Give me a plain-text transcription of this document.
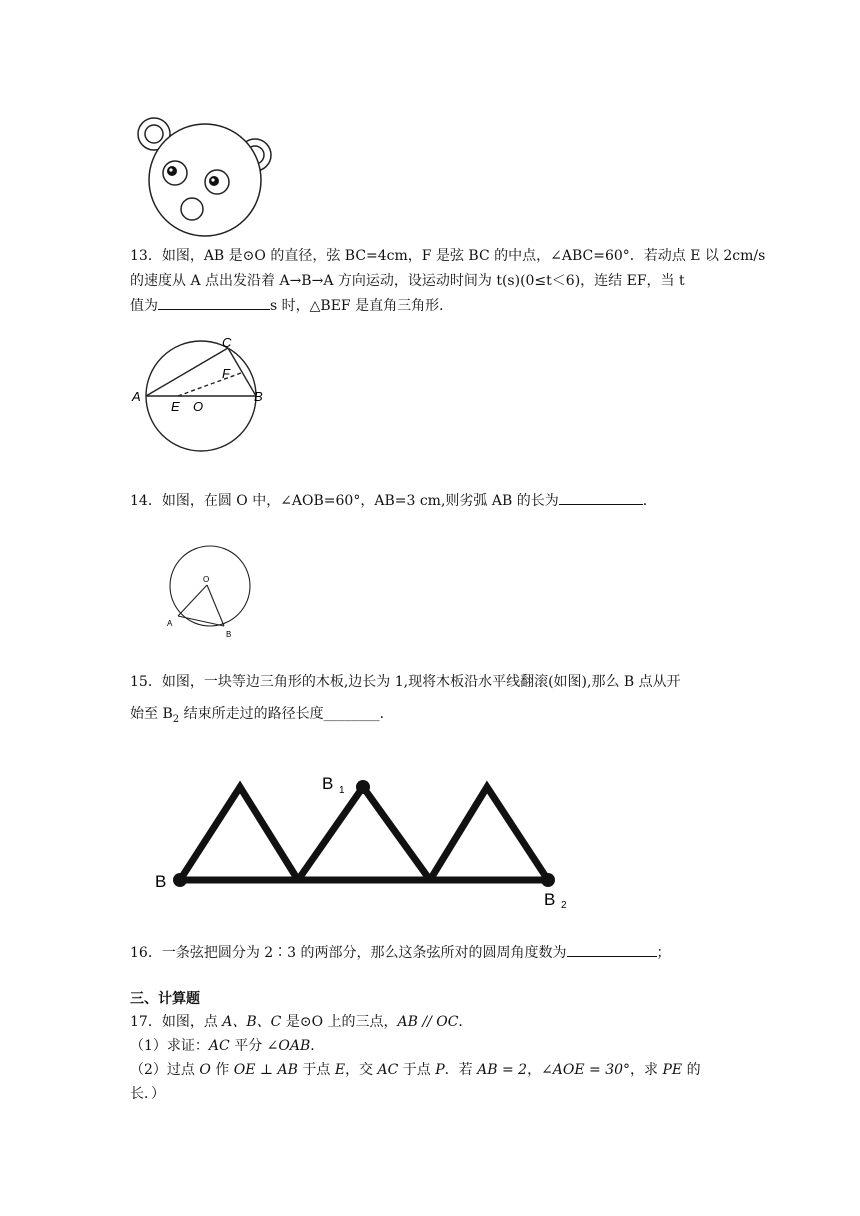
13．如图，AB 是⊙O 的直径，弦 BC=4cm，F 是弦 BC 的中点，∠ABC=60°．若动点 E 以 2cm/s
的速度从 A 点出发沿着 A→B→A 方向运动，设运动时间为 t(s)(0≤t＜6)，连结 EF，当 t
值为	s 时，△BEF 是直角三角形．
A	B
C
F
E O
14．如图，在圆 O 中，∠AOB=60°，AB=3 cm,则劣弧 AB 的长为	．
O
A
B
15．如图，一块等边三角形的木板,边长为 1,现将木板沿水平线翻滚(如图),那么 B 点从开
始至 $B_2$ 结束所走过的路径长度________．
B
B 1
B 2
16．一条弦把圆分为 2∶3 的两部分，那么这条弦所对的圆周角度数为	；
三、计算题
17．如图，点 A、B、C 是⊙O 上的三点，AB // OC．
（1）求证：AC 平分 ∠OAB．
（2）过点 O 作 OE ⊥ AB 于点 E，交 AC 于点 P．若 AB = 2，∠AOE = 30°，求 PE 的
长．）
